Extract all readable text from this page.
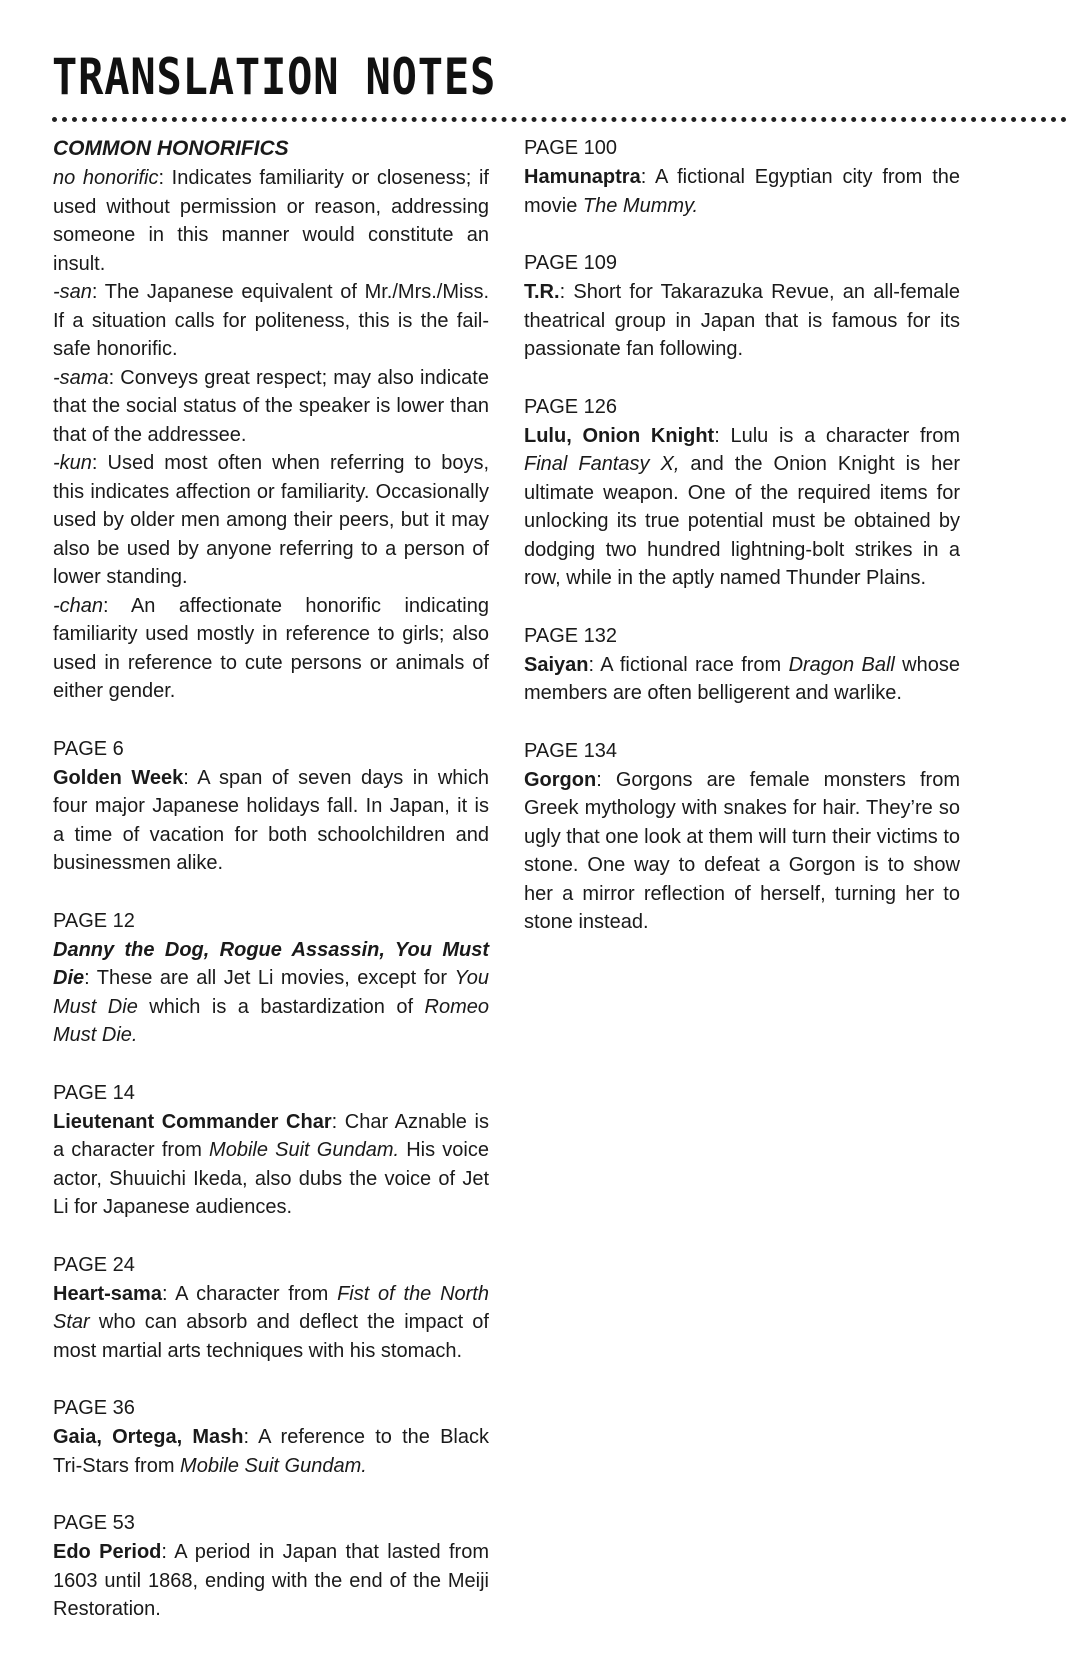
TRANSLATION NOTES
COMMON HONORIFICS

no honorific: Indicates familiarity or closeness; if used without permission or reason, addressing someone in this manner would constitute an insult.

-san: The Japanese equivalent of Mr./Mrs./Miss. If a situation calls for politeness, this is the fail-safe honorific.

-sama: Conveys great respect; may also indicate that the social status of the speaker is lower than that of the addressee.

-kun: Used most often when referring to boys, this indicates affection or familiarity. Occasionally used by older men among their peers, but it may also be used by anyone referring to a person of lower standing.

-chan: An affectionate honorific indicating familiarity used mostly in reference to girls; also used in reference to cute persons or animals of either gender.

PAGE 6

Golden Week: A span of seven days in which four major Japanese holidays fall. In Japan, it is a time of vacation for both schoolchildren and businessmen alike.

PAGE 12

Danny the Dog, Rogue Assassin, You Must Die: These are all Jet Li movies, except for You Must Die which is a bastardization of Romeo Must Die.

PAGE 14

Lieutenant Commander Char: Char Aznable is a character from Mobile Suit Gundam. His voice actor, Shuuichi Ikeda, also dubs the voice of Jet Li for Japanese audiences.

PAGE 24

Heart-sama: A character from Fist of the North Star who can absorb and deflect the impact of most martial arts techniques with his stomach.

PAGE 36

Gaia, Ortega, Mash: A reference to the Black Tri-Stars from Mobile Suit Gundam.

PAGE 53

Edo Period: A period in Japan that lasted from 1603 until 1868, ending with the end of the Meiji Restoration.

PAGE 100

Hamunaptra: A fictional Egyptian city from the movie The Mummy.

PAGE 109

T.R.: Short for Takarazuka Revue, an all-female theatrical group in Japan that is famous for its passionate fan following.

PAGE 126

Lulu, Onion Knight: Lulu is a character from Final Fantasy X, and the Onion Knight is her ultimate weapon. One of the required items for unlocking its true potential must be obtained by dodging two hundred lightning-bolt strikes in a row, while in the aptly named Thunder Plains.

PAGE 132

Saiyan: A fictional race from Dragon Ball whose members are often belligerent and warlike.

PAGE 134

Gorgon: Gorgons are female monsters from Greek mythology with snakes for hair. They’re so ugly that one look at them will turn their victims to stone. One way to defeat a Gorgon is to show her a mirror reflection of herself, turning her to stone instead.
